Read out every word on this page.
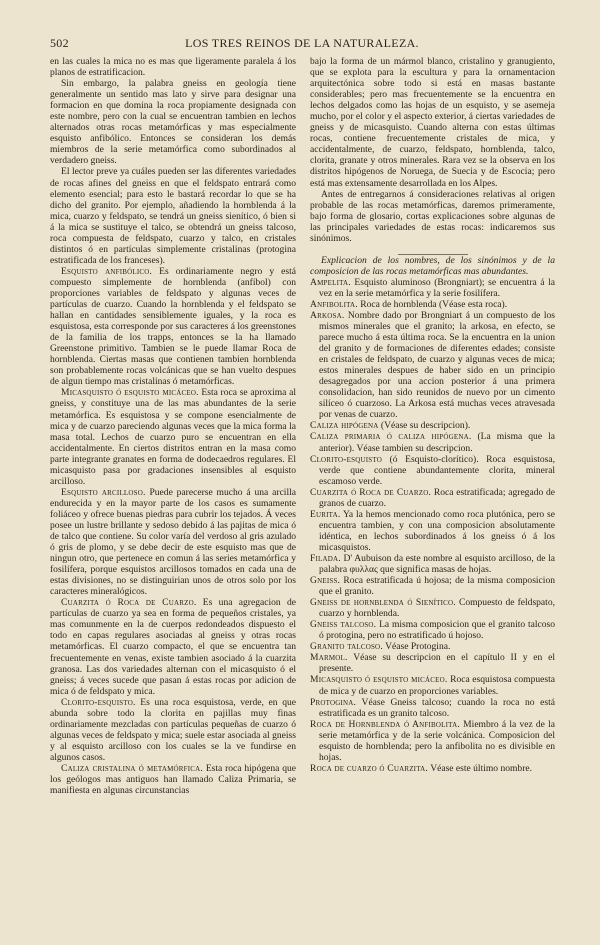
502	LOS TRES REINOS DE LA NATURALEZA.

en las cuales la mica no es mas que ligeramente paralela á los planos de estratificacion.

Sin embargo, la palabra gneiss en geología tiene generalmente un sentido mas lato y sirve para designar una formacion en que domina la roca propiamente designada con este nombre, pero con la cual se encuentran tambien en lechos alternados otras rocas metamórficas y mas especialmente esquisto anfibólico. Entonces se consideran los demás miembros de la serie metamórfica como subordinados al verdadero gneiss.

El lector preve ya cuáles pueden ser las diferentes variedades de rocas afines del gneiss en que el feldspato entrará como elemento esencial; para esto le bastará recordar lo que se ha dicho del granito. Por ejemplo, añadiendo la hornblenda á la mica, cuarzo y feldspato, se tendrá un gneiss sienítico, ó bien si á la mica se sustituye el talco, se obtendrá un gneiss talcoso, roca compuesta de feldspato, cuarzo y talco, en cristales distintos ó en partículas simplemente cristalinas (protogina estratificada de los franceses).

Esquisto anfibólico. Es ordinariamente negro y está compuesto simplemente de hornblenda (anfíbol) con proporciones variables de feldspato y algunas veces de partículas de cuarzo. Cuando la hornblenda y el feldspato se hallan en cantidades sensiblemente iguales, y la roca es esquistosa, esta corresponde por sus caracteres á los greenstones de la familia de los trapps, entonces se la ha llamado Greenstone primitivo. Tambien se le puede llamar Roca de hornblenda. Ciertas masas que contienen tambien hornblenda son probablemente rocas volcánicas que se han vuelto despues de algun tiempo mas cristalinas ó metamórficas.

Micasquisto ó esquisto micáceo. Esta roca se aproxima al gneiss, y constituye una de las mas abundantes de la serie metamórfica. Es esquistosa y se compone esencialmente de mica y de cuarzo pareciendo algunas veces que la mica forma la masa total. Lechos de cuarzo puro se encuentran en ella accidentalmente. En ciertos distritos entran en la masa como parte integrante granates en forma de dodecaedros regulares. El micasquisto pasa por gradaciones insensibles al esquisto arcilloso.

Esquisto arcilloso. Puede parecerse mucho á una arcilla endurecida y en la mayor parte de los casos es sumamente foliáceo y ofrece buenas piedras para cubrir los tejados. Á veces posee un lustre brillante y sedoso debido á las pajitas de mica ó de talco que contiene. Su color varía del verdoso al gris azulado ó gris de plomo, y se debe decir de este esquisto mas que de ningun otro, que pertenece en comun á las series metamórfica y fosilífera, porque esquistos arcillosos tomados en cada una de estas divisiones, no se distinguirian unos de otros solo por los caracteres mineralógicos.

Cuarzita ó Roca de Cuarzo. Es una agregacion de partículas de cuarzo ya sea en forma de pequeños cristales, ya mas comunmente en la de cuerpos redondeados dispuesto el todo en capas regulares asociadas al gneiss y otras rocas metamórficas. El cuarzo compacto, el que se encuentra tan frecuentemente en venas, existe tambien asociado á la cuarzita granosa. Las dos variedades alternan con el micasquisto ó el gneiss; á veces sucede que pasan á estas rocas por adicion de mica ó de feldspato y mica.

Clorito-esquisto. Es una roca esquistosa, verde, en que abunda sobre todo la clorita en pajillas muy finas ordinariamente mezcladas con partículas pequeñas de cuarzo ó algunas veces de feldspato y mica; suele estar asociada al gneiss y al esquisto arcilloso con los cuales se la ve fundirse en algunos casos.

Caliza cristalina ó metamórfica. Esta roca hipógena que los geólogos mas antiguos han llamado Caliza Primaria, se manifiesta en algunas circunstancias

bajo la forma de un mármol blanco, cristalino y granugiento, que se explota para la escultura y para la ornamentacion arquitectónica sobre todo si está en masas bastante considerables; pero mas frecuentemente se la encuentra en lechos delgados como las hojas de un esquisto, y se asemeja mucho, por el color y el aspecto exterior, á ciertas variedades de gneiss y de micasquisto. Cuando alterna con estas últimas rocas, contiene frecuentemente cristales de mica, y accidentalmente, de cuarzo, feldspato, hornblenda, talco, clorita, granate y otros minerales. Rara vez se la observa en los distritos hipógenos de Noruega, de Suecia y de Escocia; pero está mas extensamente desarrollada en los Alpes.

Antes de entregarnos á consideraciones relativas al origen probable de las rocas metamórficas, daremos primeramente, bajo forma de glosario, cortas explicaciones sobre algunas de las principales variedades de estas rocas: indicaremos sus sinónimos.

Explicacion de los nombres, de los sinónimos y de la composicion de las rocas metamórficas mas abundantes.

Ampelita. Esquisto aluminoso (Brongniart); se encuentra á la vez en la serie metamórfica y la serie fosilífera.

Anfibolita. Roca de hornblenda (Véase esta roca).

Arkosa. Nombre dado por Brongniart á un compuesto de los mismos minerales que el granito; la arkosa, en efecto, se parece mucho á esta última roca. Se la encuentra en la union del granito y de formaciones de diferentes edades; consiste en cristales de feldspato, de cuarzo y algunas veces de mica; estos minerales despues de haber sido en un principio desagregados por una accion posterior á una primera consolidacion, han sido reunidos de nuevo por un cimento silíceo ó cuarzoso. La Arkosa está muchas veces atravesada por venas de cuarzo.

Caliza hipógena (Véase su descripcion).

Caliza primaria ó caliza hipógena. (La misma que la anterior). Véase tambien su descripcion.

Clorito-esquisto (ó Esquisto-clorítico). Roca esquistosa, verde que contiene abundantemente clorita, mineral escamoso verde.

Cuarzita ó Roca de Cuarzo. Roca estratificada; agregado de granos de cuarzo.

Eurita. Ya la hemos mencionado como roca plutónica, pero se encuentra tambien, y con una composicion absolutamente idéntica, en lechos subordinados á los gneiss ó á los micasquistos.

Filada. D' Aubuison da este nombre al esquisto arcilloso, de la palabra φυλλας que significa masas de hojas.

Gneiss. Roca estratificada ú hojosa; de la misma composicion que el granito.

Gneiss de hornblenda ó Sienítico. Compuesto de feldspato, cuarzo y hornblenda.

Gneiss talcoso. La misma composicion que el granito talcoso ó protogina, pero no estratificado ú hojoso.

Granito talcoso. Véase Protogina.

Marmol. Véase su descripcion en el capítulo II y en el presente.

Micasquisto ó esquisto micáceo. Roca esquistosa compuesta de mica y de cuarzo en proporciones variables.

Protogina. Véase Gneiss talcoso; cuando la roca no está estratificada es un granito talcoso.

Roca de Hornblenda ó Anfibolita. Miembro á la vez de la serie metamórfica y de la serie volcánica. Composicion del esquisto de hornblenda; pero la anfibolita no es divisible en hojas.

Roca de cuarzo ó Cuarzita. Véase este último nombre.
